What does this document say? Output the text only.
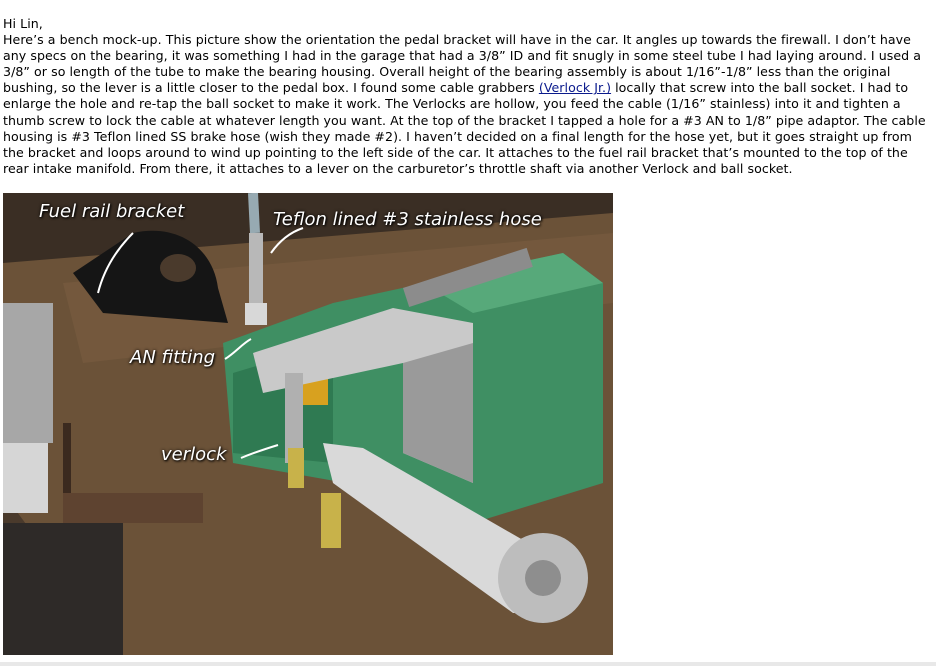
Hi Lin,

Here’s a bench mock-up. This picture show the orientation the pedal bracket will have in the car. It angles up towards the firewall. I don’t have any specs on the bearing, it was something I had in the garage that had a 3/8” ID and fit snugly in some steel tube I had laying around. I used a 3/8” or so length of the tube to make the bearing housing. Overall height of the bearing assembly is about 1/16”-1/8” less than the original bushing, so the lever is a little closer to the pedal box. I found some cable grabbers (Verlock Jr.) locally that screw into the ball socket. I had to enlarge the hole and re-tap the ball socket to make it work. The Verlocks are hollow, you feed the cable (1/16” stainless) into it and tighten a thumb screw to lock the cable at whatever length you want. At the top of the bracket I tapped a hole for a #3 AN to 1/8” pipe adaptor. The cable housing is #3 Teflon lined SS brake hose (wish they made #2). I haven’t decided on a final length for the hose yet, but it goes straight up from the bracket and loops around to wind up pointing to the left side of the car. It attaches to the fuel rail bracket that’s mounted to the top of the rear intake manifold. From there, it attaches to a lever on the carburetor’s throttle shaft via another Verlock and ball socket.

Fuel rail bracket	Teflon lined #3 stainless hose
AN fitting
verlock
